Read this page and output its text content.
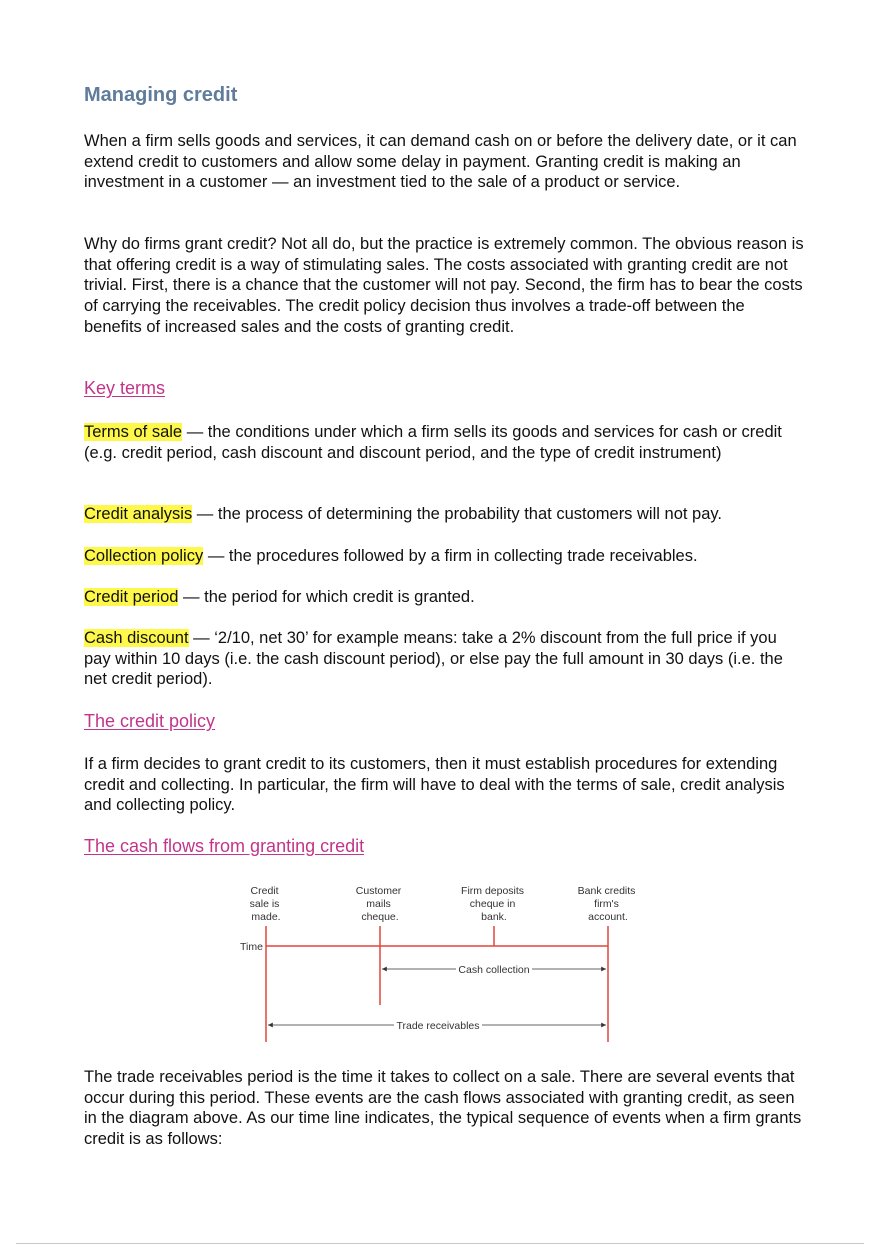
Managing credit

When a firm sells goods and services, it can demand cash on or before the delivery date, or it can extend credit to customers and allow some delay in payment. Granting credit is making an investment in a customer — an investment tied to the sale of a product or service.

Why do firms grant credit? Not all do, but the practice is extremely common. The obvious reason is that offering credit is a way of stimulating sales. The costs associated with granting credit are not trivial. First, there is a chance that the customer will not pay. Second, the firm has to bear the costs of carrying the receivables. The credit policy decision thus involves a trade-off between the benefits of increased sales and the costs of granting credit.

Key terms

Terms of sale — the conditions under which a firm sells its goods and services for cash or credit (e.g. credit period, cash discount and discount period, and the type of credit instrument)

Credit analysis — the process of determining the probability that customers will not pay.

Collection policy — the procedures followed by a firm in collecting trade receivables.

Credit period — the period for which credit is granted.

Cash discount — ‘2/10, net 30’ for example means: take a 2% discount from the full price if you pay within 10 days (i.e. the cash discount period), or else pay the full amount in 30 days (i.e. the net credit period).

The credit policy

If a firm decides to grant credit to its customers, then it must establish procedures for extending credit and collecting. In particular, the firm will have to deal with the terms of sale, credit analysis and collecting policy.

The cash flows from granting credit

The trade receivables period is the time it takes to collect on a sale. There are several events that occur during this period. These events are the cash flows associated with granting credit, as seen in the diagram above. As our time line indicates, the typical sequence of events when a firm grants credit is as follows:

Credit sale is made.
Customer mails cheque.
Firm deposits cheque in bank.
Bank credits firm's account.
Time
Cash collection
Trade receivables
